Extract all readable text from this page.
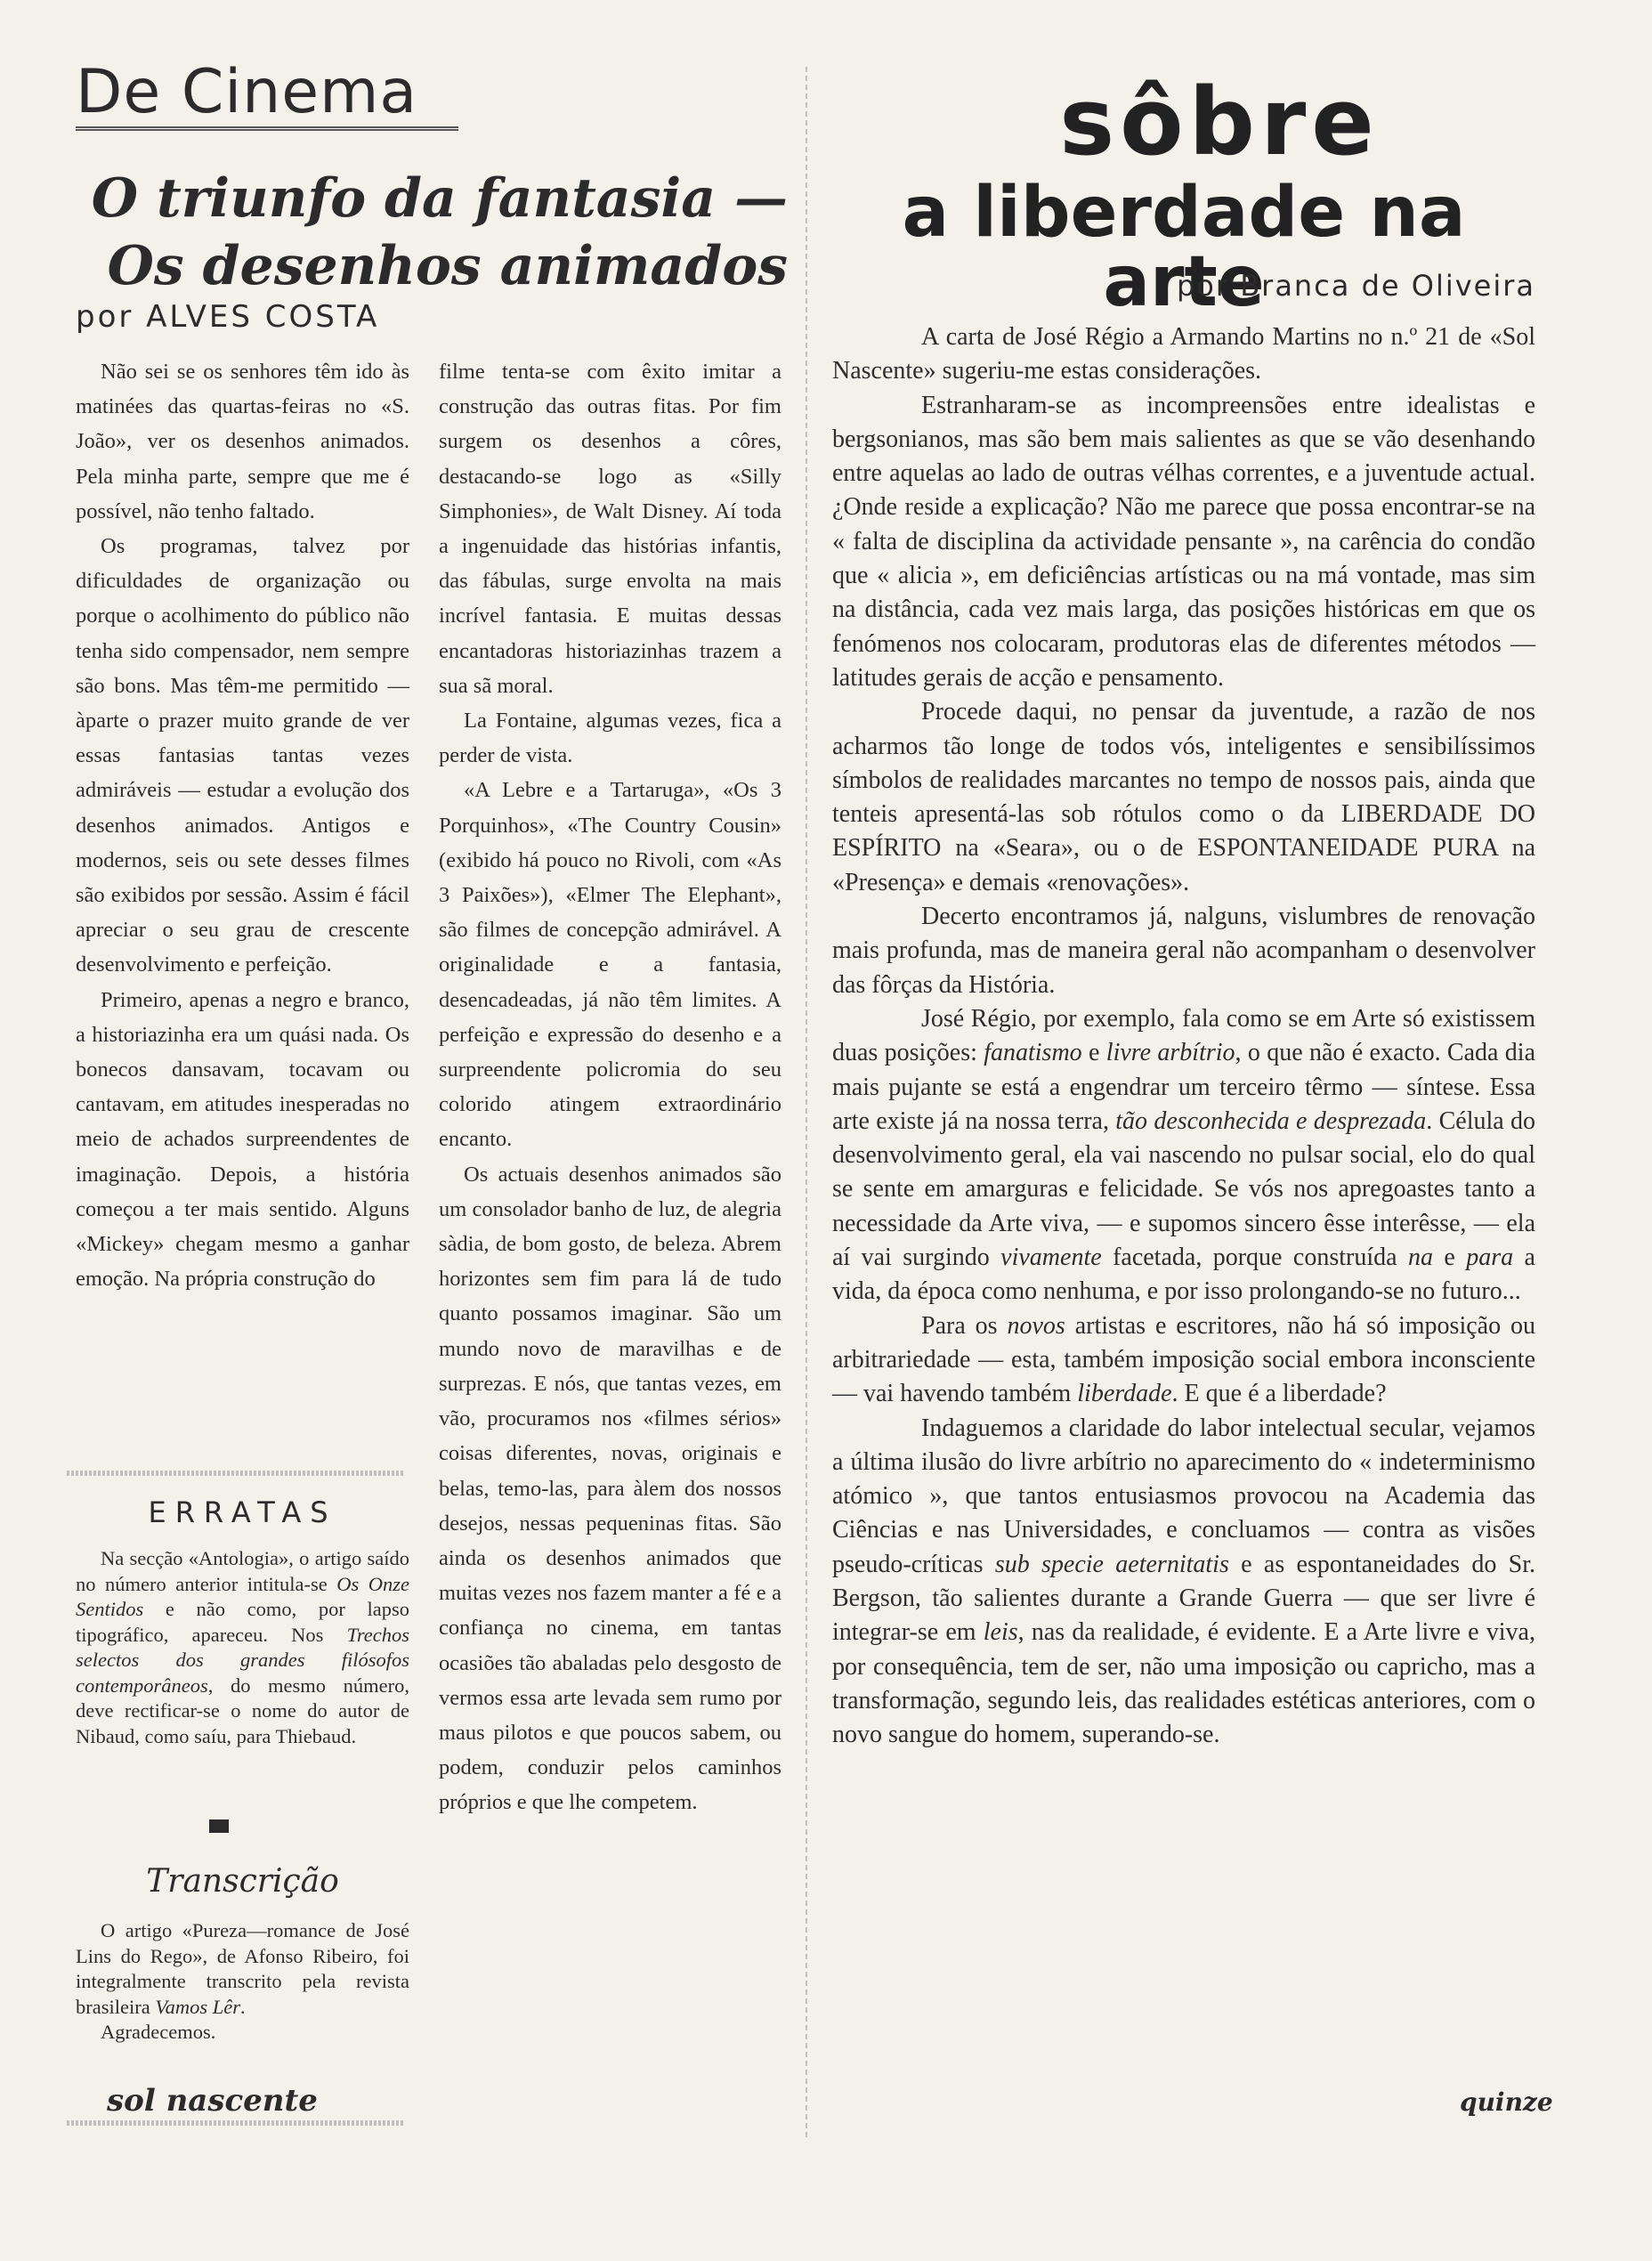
De Cinema
O triunfo da fantasia —
Os desenhos animados
por ALVES COSTA

Não sei se os senhores têm ido às matinées das quartas-feiras no «S. João», ver os desenhos animados. Pela minha parte, sempre que me é possível, não tenho faltado.

Os programas, talvez por dificuldades de organização ou porque o acolhimento do público não tenha sido compensador, nem sempre são bons. Mas têm-me permitido — àparte o prazer muito grande de ver essas fantasias tantas vezes admiráveis — estudar a evolução dos desenhos animados. Antigos e modernos, seis ou sete desses filmes são exibidos por sessão. Assim é fácil apreciar o seu grau de crescente desenvolvimento e perfeição.

Primeiro, apenas a negro e branco, a historiazinha era um quási nada. Os bonecos dansavam, tocavam ou cantavam, em atitudes inesperadas no meio de achados surpreendentes de imaginação. Depois, a história começou a ter mais sentido. Alguns «Mickey» chegam mesmo a ganhar emoção. Na própria construção do

filme tenta-se com êxito imitar a construção das outras fitas. Por fim surgem os desenhos a côres, destacando-se logo as «Silly Simphonies», de Walt Disney. Aí toda a ingenuidade das histórias infantis, das fábulas, surge envolta na mais incrível fantasia. E muitas dessas encantadoras historiazinhas trazem a sua sã moral.

La Fontaine, algumas vezes, fica a perder de vista.

«A Lebre e a Tartaruga», «Os 3 Porquinhos», «The Country Cousin» (exibido há pouco no Rivoli, com «As 3 Paixões»), «Elmer The Elephant», são filmes de concepção admirável. A originalidade e a fantasia, desencadeadas, já não têm limites. A perfeição e expressão do desenho e a surpreendente policromia do seu colorido atingem extraordinário encanto.

Os actuais desenhos animados são um consolador banho de luz, de alegria sàdia, de bom gosto, de beleza. Abrem horizontes sem fim para lá de tudo quanto possamos imaginar. São um mundo novo de maravilhas e de surprezas. E nós, que tantas vezes, em vão, procuramos nos «filmes sérios» coisas diferentes, novas, originais e belas, temo-las, para àlem dos nossos desejos, nessas pequeninas fitas. São ainda os desenhos animados que muitas vezes nos fazem manter a fé e a confiança no cinema, em tantas ocasiões tão abaladas pelo desgosto de vermos essa arte levada sem rumo por maus pilotos e que poucos sabem, ou podem, conduzir pelos caminhos próprios e que lhe competem.

ERRATAS

Na secção «Antologia», o artigo saído no número anterior intitula-se Os Onze Sentidos e não como, por lapso tipográfico, apareceu. Nos Trechos selectos dos grandes filósofos contemporâneos, do mesmo número, deve rectificar-se o nome do autor de Nibaud, como saíu, para Thiebaud.

Transcrição

O artigo «Pureza—romance de José Lins do Rego», de Afonso Ribeiro, foi integralmente transcrito pela revista brasileira Vamos Lêr.

Agradecemos.

sol nascente
sôbre
a liberdade na arte
por Branca de Oliveira

A carta de José Régio a Armando Martins no n.º 21 de «Sol Nascente» sugeriu-me estas considerações.

Estranharam-se as incompreensões entre idealistas e bergsonianos, mas são bem mais salientes as que se vão desenhando entre aquelas ao lado de outras vélhas correntes, e a juventude actual. ¿Onde reside a explicação? Não me parece que possa encontrar-se na « falta de disciplina da actividade pensante », na carência do condão que « alicia », em deficiências artísticas ou na má vontade, mas sim na distância, cada vez mais larga, das posições históricas em que os fenómenos nos colocaram, produtoras elas de diferentes métodos — latitudes gerais de acção e pensamento.

Procede daqui, no pensar da juventude, a razão de nos acharmos tão longe de todos vós, inteligentes e sensibilíssimos símbolos de realidades marcantes no tempo de nossos pais, ainda que tenteis apresentá-las sob rótulos como o da LIBERDADE DO ESPÍRITO na «Seara», ou o de ESPONTANEIDADE PURA na «Presença» e demais «renovações».

Decerto encontramos já, nalguns, vislumbres de renovação mais profunda, mas de maneira geral não acompanham o desenvolver das fôrças da História.

José Régio, por exemplo, fala como se em Arte só existissem duas posições: fanatismo e livre arbítrio, o que não é exacto. Cada dia mais pujante se está a engendrar um terceiro têrmo — síntese. Essa arte existe já na nossa terra, tão desconhecida e desprezada. Célula do desenvolvimento geral, ela vai nascendo no pulsar social, elo do qual se sente em amarguras e felicidade. Se vós nos apregoastes tanto a necessidade da Arte viva, — e supomos sincero êsse interêsse, — ela aí vai surgindo vivamente facetada, porque construída na e para a vida, da época como nenhuma, e por isso prolongando-se no futuro...

Para os novos artistas e escritores, não há só imposição ou arbitrariedade — esta, também imposição social embora inconsciente — vai havendo também liberdade. E que é a liberdade?

Indaguemos a claridade do labor intelectual secular, vejamos a última ilusão do livre arbítrio no aparecimento do « indeterminismo atómico », que tantos entusiasmos provocou na Academia das Ciências e nas Universidades, e concluamos — contra as visões pseudo-críticas sub specie aeternitatis e as espontaneidades do Sr. Bergson, tão salientes durante a Grande Guerra — que ser livre é integrar-se em leis, nas da realidade, é evidente. E a Arte livre e viva, por consequência, tem de ser, não uma imposição ou capricho, mas a transformação, segundo leis, das realidades estéticas anteriores, com o novo sangue do homem, superando-se.

quinze
